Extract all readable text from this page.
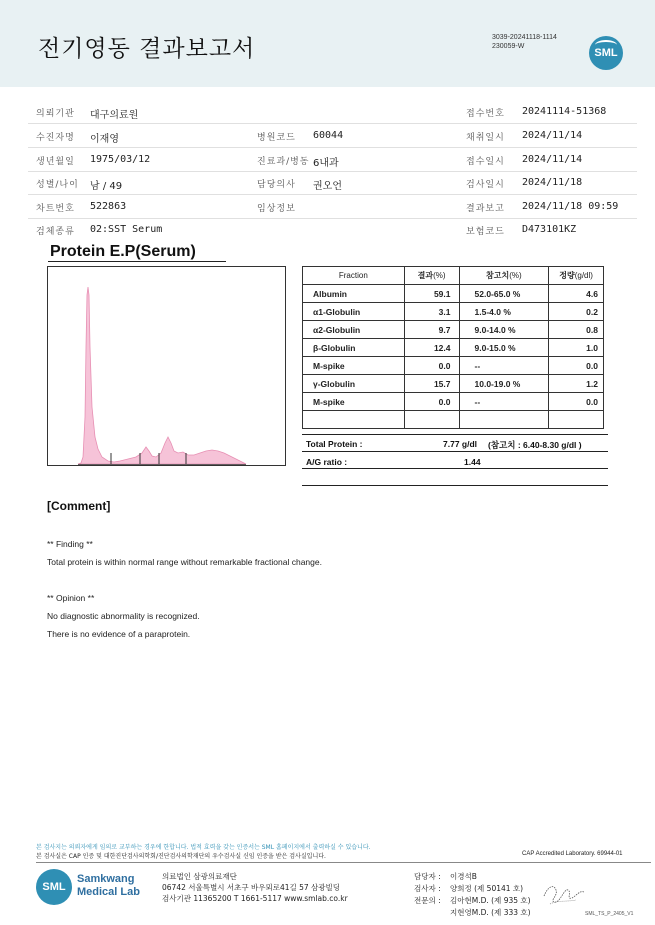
전기영동 결과보고서	3039-20241118-1114
230059-W
SML
의뢰기관 대구의료원	접수번호 20241114-51368
수진자명 이재영	병원코드 60044	채취일시 2024/11/14
생년월일 1975/03/12	진료과/병동 6내과	접수일시 2024/11/14
성별/나이 남 / 49	담당의사 권오언	검사일시 2024/11/18
차트번호 522863	임상정보	결과보고 2024/11/18 09:59
검체종류 02:SST Serum	보험코드 D473101KZ
Protein E.P(Serum)
Fraction	결과(%)	참고치(%)	정량(g/dl)
Albumin	59.1	52.0-65.0 %	4.6
α1-Globulin	3.1	1.5-4.0 %	0.2
α2-Globulin	9.7	9.0-14.0 %	0.8
β-Globulin	12.4	9.0-15.0 %	1.0
M-spike	0.0	--	0.0
γ-Globulin	15.7	10.0-19.0 %	1.2
M-spike	0.0	--	0.0

Total Protein :	7.77 g/dl (참고치 : 6.40-8.30 g/dl )
A/G ratio :	1.44
[Comment]
** Finding **
Total protein is within normal range without remarkable fractional change.
** Opinion **
No diagnostic abnormality is recognized.
There is no evidence of a paraprotein.
본 검사지는 의뢰자에게 임의로 교부하는 경우에 한합니다. 법적 효력을 갖는 인증서는 SML 홈페이지에서 출력하실 수 있습니다.
본 검사실은 CAP 인증 및 대한진단검사의학회/진단검사의학재단의 우수검사실 신임 인증을 받은 검사실입니다.	CAP Accredited Laboratory. 69944-01
SML
Samkwang
Medical Lab
의료법인 삼광의료재단
06742 서울특별시 서초구 바우뫼로41길 57 삼광빌딩
검사기관 11365200 T 1661-5117 www.smlab.co.kr
담당자 : 이경석B
검사자 : 양희정 (제 50141 호)
전문의 : 김아현M.D. (제 935 호)
지현영M.D. (제 333 호)	SML_TS_P_2405_V1
